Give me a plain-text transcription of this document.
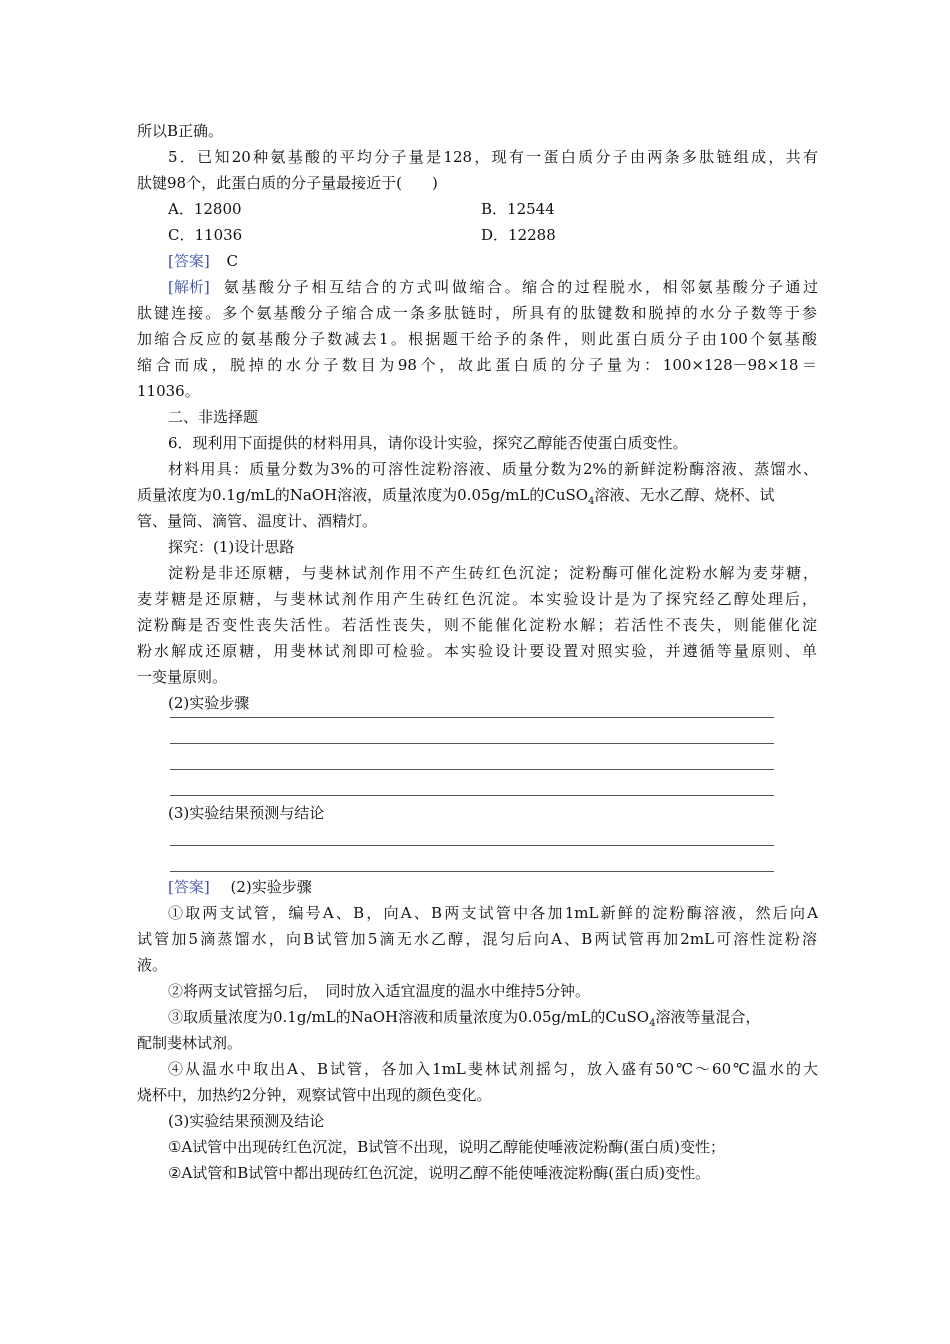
所以B正确。
5．已知20种氨基酸的平均分子量是128，现有一蛋白质分子由两条多肽链组成，共有
肽键98个，此蛋白质的分子量最接近于(　　)
A．12800	B．12544
C．11036	D．12288
[答案] C
[解析] 氨基酸分子相互结合的方式叫做缩合。缩合的过程脱水，相邻氨基酸分子通过
肽键连接。多个氨基酸分子缩合成一条多肽链时，所具有的肽键数和脱掉的水分子数等于参
加缩合反应的氨基酸分子数减去1。根据题干给予的条件，则此蛋白质分子由100个氨基酸
缩合而成，脱掉的水分子数目为98个，故此蛋白质的分子量为：100×128－98×18＝
11036。
二、非选择题
6．现利用下面提供的材料用具，请你设计实验，探究乙醇能否使蛋白质变性。
材料用具：质量分数为3%的可溶性淀粉溶液、质量分数为2%的新鲜淀粉酶溶液、蒸馏水、
质量浓度为0.1g/mL的NaOH溶液，质量浓度为0.05g/mL的CuSO$_4$溶液、无水乙醇、烧杯、试
管、量筒、滴管、温度计、酒精灯。
探究：(1)设计思路
淀粉是非还原糖，与斐林试剂作用不产生砖红色沉淀；淀粉酶可催化淀粉水解为麦芽糖，
麦芽糖是还原糖，与斐林试剂作用产生砖红色沉淀。本实验设计是为了探究经乙醇处理后，
淀粉酶是否变性丧失活性。若活性丧失，则不能催化淀粉水解；若活性不丧失，则能催化淀
粉水解成还原糖，用斐林试剂即可检验。本实验设计要设置对照实验，并遵循等量原则、单
一变量原则。
(2)实验步骤
(3)实验结果预测与结论
[答案] (2)实验步骤
①取两支试管，编号A、B，向A、B两支试管中各加1mL新鲜的淀粉酶溶液，然后向A
试管加5滴蒸馏水，向B试管加5滴无水乙醇，混匀后向A、B两试管再加2mL可溶性淀粉溶
液。
②将两支试管摇匀后，　同时放入适宜温度的温水中维持5分钟。
③取质量浓度为0.1g/mL的NaOH溶液和质量浓度为0.05g/mL的CuSO$_4$溶液等量混合，
配制斐林试剂。
④从温水中取出A、B试管，各加入1mL斐林试剂摇匀，放入盛有50℃～60℃温水的大
烧杯中，加热约2分钟，观察试管中出现的颜色变化。
(3)实验结果预测及结论
①A试管中出现砖红色沉淀，B试管不出现，说明乙醇能使唾液淀粉酶(蛋白质)变性；
②A试管和B试管中都出现砖红色沉淀，说明乙醇不能使唾液淀粉酶(蛋白质)变性。
